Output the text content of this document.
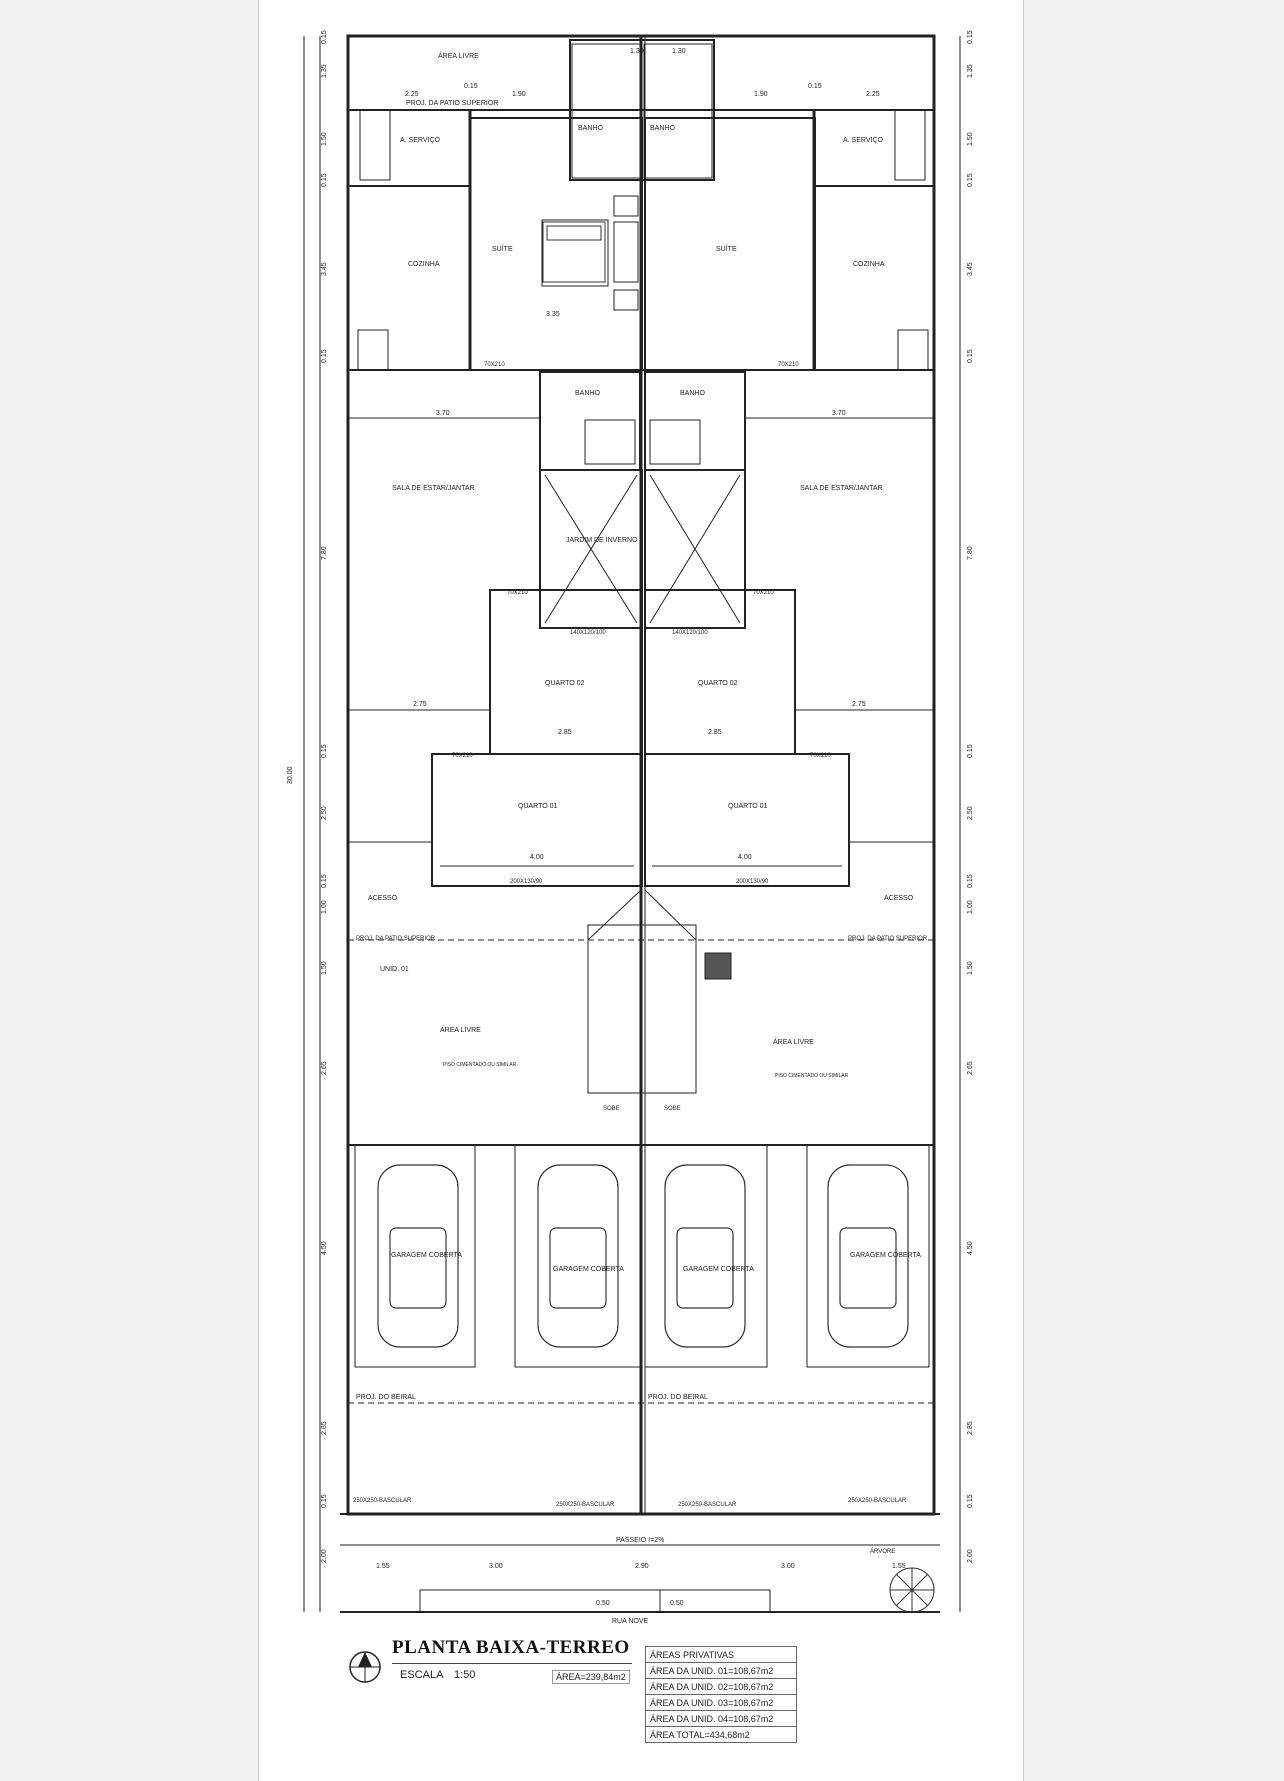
ÁREA LIVRE
PROJ. DA PATIO SUPERIOR
A. SERVIÇO	A. SERVIÇO
COZINHA	COZINHA
SUÍTE	SUÍTE
BANHO	BANHO
BANHO	BANHO
SALA DE ESTAR/JANTAR	SALA DE ESTAR/JANTAR
JARDIM DE INVERNO
QUARTO 02	QUARTO 02
QUARTO 01	QUARTO 01
ACESSO	ACESSO
UNID. 01
ÁREA LIVRE
ÁREA LIVRE
PISO CIMENTADO OU SIMILAR
PISO CIMENTADO OU SIMILAR
GARAGEM COBERTA
GARAGEM COBERTA	GARAGEM COBERTA
GARAGEM COBERTA
PROJ. DO BEIRAL	PROJ. DO BEIRAL
250X250-BASCULAR	250X250-BASCULAR
250X250-BASCULAR	250X250-BASCULAR
PASSEIO I=2%
RUA NOVE
ÁRVORE
SOBE	SOBE
PROJ. DA PATIO SUPERIOR	PROJ. DA PATIO SUPERIOR
2.25
0.15
1.90
1.30	1.30
1.90
0.15
2.25
3.35
3.70	3.70
2.75	2.75
2.85	2.85
4.00	4.00
1.55	3.00	2.90	3.00	1.55
0.50	0.50
30.00
70X210	70X210
70X210	70X210
70X210	70X210
200X130/90	200X130/90
140X120/100	140X120/100
0.15	0.15
1.35	1.35
1.50	1.50
0.15	0.15
3.45	3.45
0.15	0.15
7.80	7.80
0.15	0.15
2.50	2.50
0.15	0.15
1.00	1.00
1.50	1.50
2.65	2.65
4.50	4.50
2.85	2.85
0.15	0.15
2.00	2.00
PLANTA BAIXA-TERREO
ESCALA 1:50	ÁREA=239,84m2
ÁREAS PRIVATIVAS
ÁREA DA UNID. 01=108,67m2
ÁREA DA UNID. 02=108,67m2
ÁREA DA UNID. 03=108,67m2
ÁREA DA UNID. 04=108,67m2
ÁREA TOTAL=434,68m2
